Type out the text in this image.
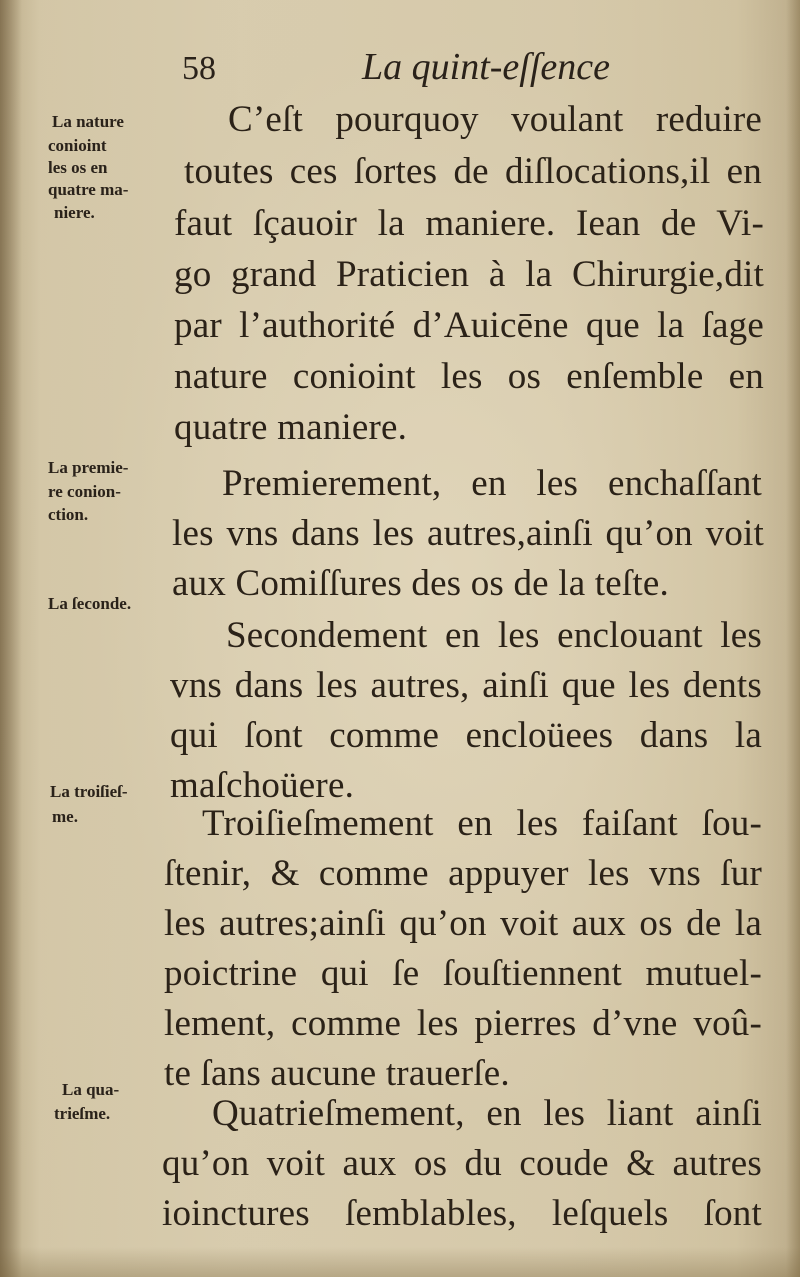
58	La quint-eſſence
La nature
conioint
les os en
quatre ma-
niere.
La premie-
re conion-
ction.
La ſeconde.
La troiſieſ-
me.
La qua-
trieſme.
C’eſt pourquoy voulant reduire
toutes ces ſortes de diſlocations,il en
faut ſçauoir la maniere. Iean de Vi-
go grand Praticien à la Chirurgie,dit
par l’authorité d’Auicēne que la ſage
nature conioint les os enſemble en
quatre maniere.
Premierement, en les enchaſſant
les vns dans les autres,ainſi qu’on voit
aux Comiſſures des os de la teſte.
Secondement en les enclouant les
vns dans les autres, ainſi que les dents
qui ſont comme encloüees dans la
maſchoüere.
Troiſieſmement en les faiſant ſou-
ſtenir, & comme appuyer les vns ſur
les autres;ainſi qu’on voit aux os de la
poictrine qui ſe ſouſtiennent mutuel-
lement, comme les pierres d’vne voû-
te ſans aucune trauerſe.
Quatrieſmement, en les liant ainſi
qu’on voit aux os du coude & autres
ioinctures ſemblables, leſquels ſont
